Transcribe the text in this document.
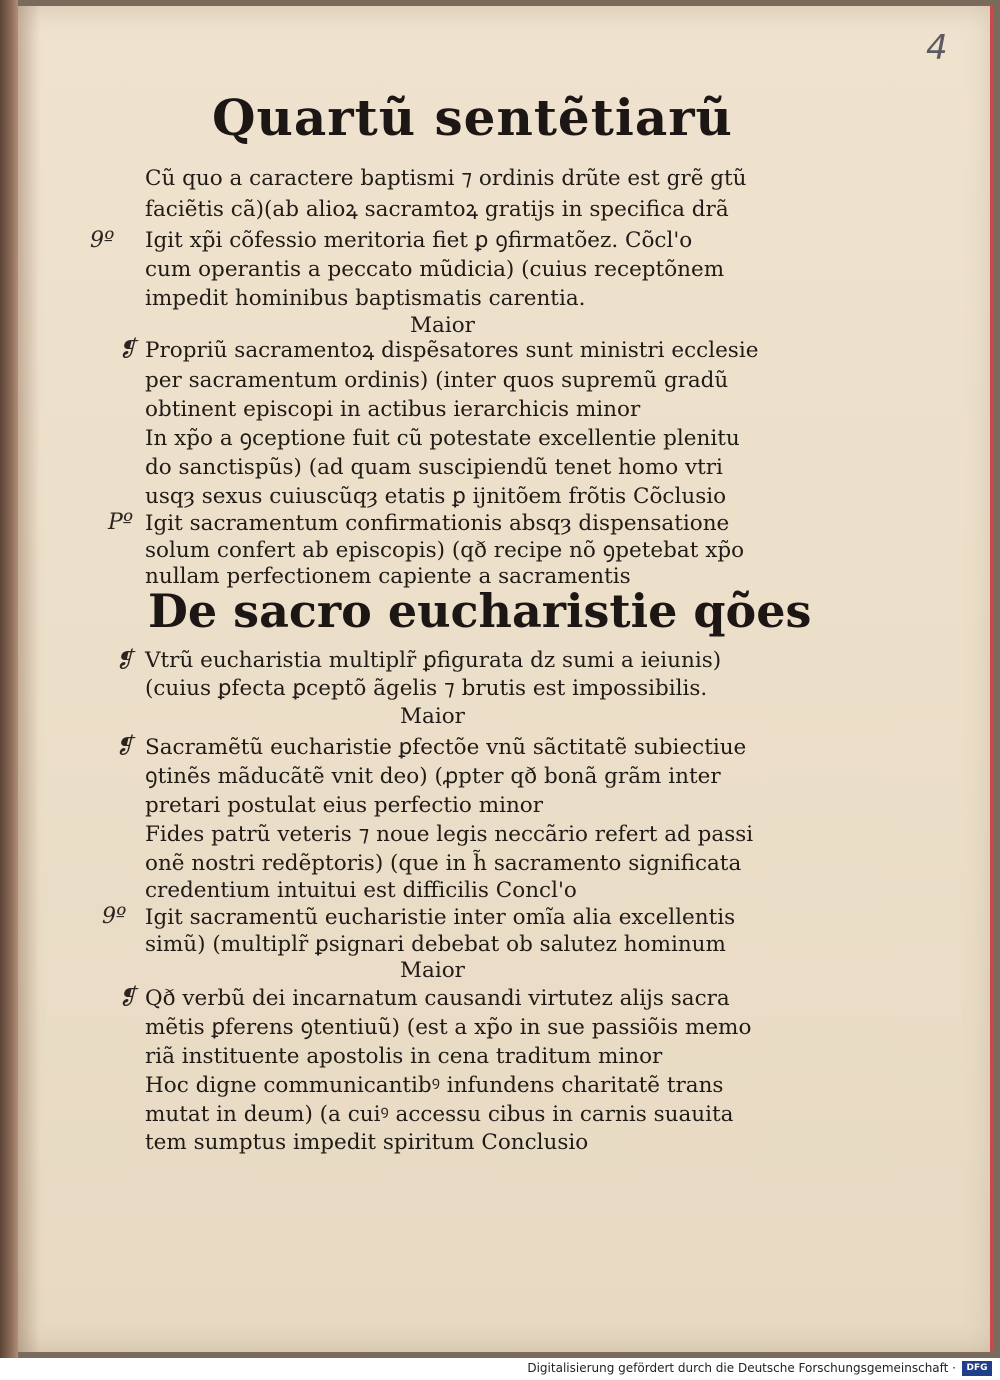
4
Quartũ sentẽtiarũ
Cũ quo a caractere baptismi ⁊ ordinis drũte est grẽ gtũ
faciẽtis cã)(ab alioꝝ sacramtoꝝ gratijs in specifica drã
9º Igit xp̃i cõfessio meritoria fiet ꝑ ꝯfirmatõez. Cõcl'o
cum operantis a peccato mũdicia) (cuius receptõnem
impedit hominibus baptismatis carentia.
Maior
❡ Propriũ sacramentoꝝ dispẽsatores sunt ministri ecclesie
per sacramentum ordinis) (inter quos supremũ gradũ
obtinent episcopi in actibus ierarchicis minor
In xp̃o a ꝯceptione fuit cũ potestate excellentie plenitu
do sanctispũs) (ad quam suscipiendũ tenet homo vtri
usqȝ sexus cuiuscũqȝ etatis ꝑ ijnitõem frõtis Cõclusio
Pº Igit sacramentum confirmationis absqȝ dispensatione
solum confert ab episcopis) (qð recipe nõ ꝯpetebat xp̃o
nullam perfectionem capiente a sacramentis
De sacro eucharistie qões
❡ Vtrũ eucharistia multiplr̃ ꝑfigurata dz sumi a ieiunis)
(cuius ꝑfecta ꝑceptõ ãgelis ⁊ brutis est impossibilis.
Maior
❡ Sacramẽtũ eucharistie ꝑfectõe vnũ sãctitatẽ subiectiue
ꝯtinẽs mãducãtẽ vnit deo) (ꝓpter qð bonã grãm inter
pretari postulat eius perfectio minor
Fides patrũ veteris ⁊ noue legis neccãrio refert ad passi
onẽ nostri redẽptoris) (que in h̃ sacramento significata
credentium intuitui est difficilis Concl'o
9º Igit sacramentũ eucharistie inter omĩa alia excellentis
simũ) (multiplr̃ ꝑsignari debebat ob salutez hominum
Maior
❡ Qð verbũ dei incarnatum causandi virtutez alijs sacra
mẽtis ꝑferens ꝯtentiuũ) (est a xp̃o in sue passiõis memo
riã instituente apostolis in cena traditum minor
Hoc digne communicantibꝰ infundens charitatẽ trans
mutat in deum) (a cuiꝰ accessu cibus in carnis suauita
tem sumptus impedit spiritum Conclusio
Digitalisierung gefördert durch die Deutsche Forschungsgemeinschaft ·	DFG
